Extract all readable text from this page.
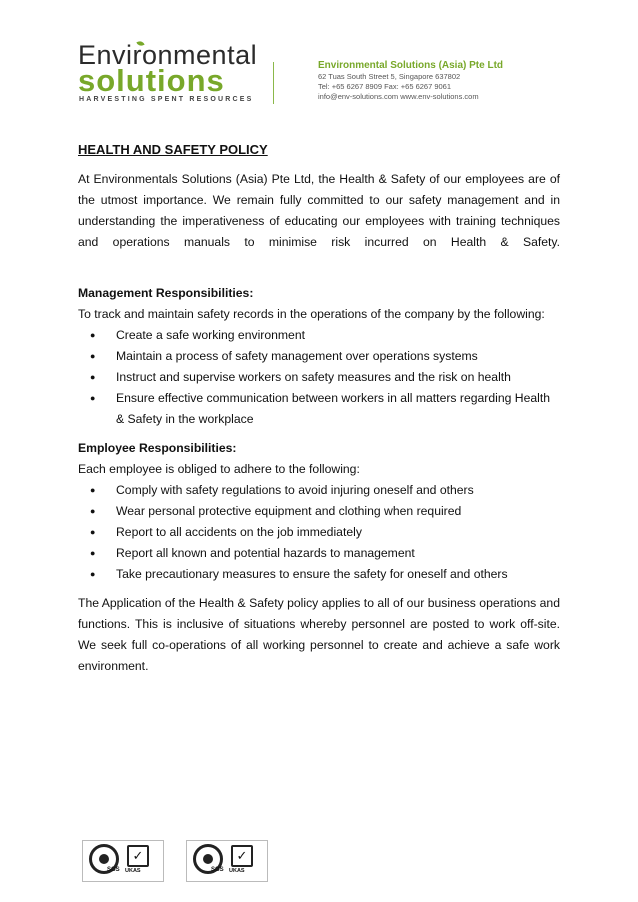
Environmental
solutions
HARVESTING SPENT RESOURCES
Environmental Solutions (Asia) Pte Ltd
62 Tuas South Street 5, Singapore 637802
Tel: +65 6267 8909 Fax: +65 6267 9061
info@env-solutions.com www.env-solutions.com
HEALTH AND SAFETY POLICY

At Environmentals Solutions (Asia) Pte Ltd, the Health & Safety of our employees are of the utmost importance. We remain fully committed to our safety management and in understanding the imperativeness of educating our employees with training techniques and operations manuals to minimise risk incurred on Health & Safety.

Management Responsibilities:
To track and maintain safety records in the operations of the company by the following:
● Create a safe working environment
● Maintain a process of safety management over operations systems
● Instruct and supervise workers on safety measures and the risk on health
● Ensure effective communication between workers in all matters regarding Health & Safety in the workplace
Employee Responsibilities:
Each employee is obliged to adhere to the following:
● Comply with safety regulations to avoid injuring oneself and others
● Wear personal protective equipment and clothing when required
● Report to all accidents on the job immediately
● Report all known and potential hazards to management
● Take precautionary measures to ensure the safety for oneself and others

The Application of the Health & Safety policy applies to all of our business operations and functions. This is inclusive of situations whereby personnel are posted to work off-site. We seek full co-operations of all working personnel to create and achieve a safe work environment.

SGS
✓
UKAS	SGS
✓
UKAS
